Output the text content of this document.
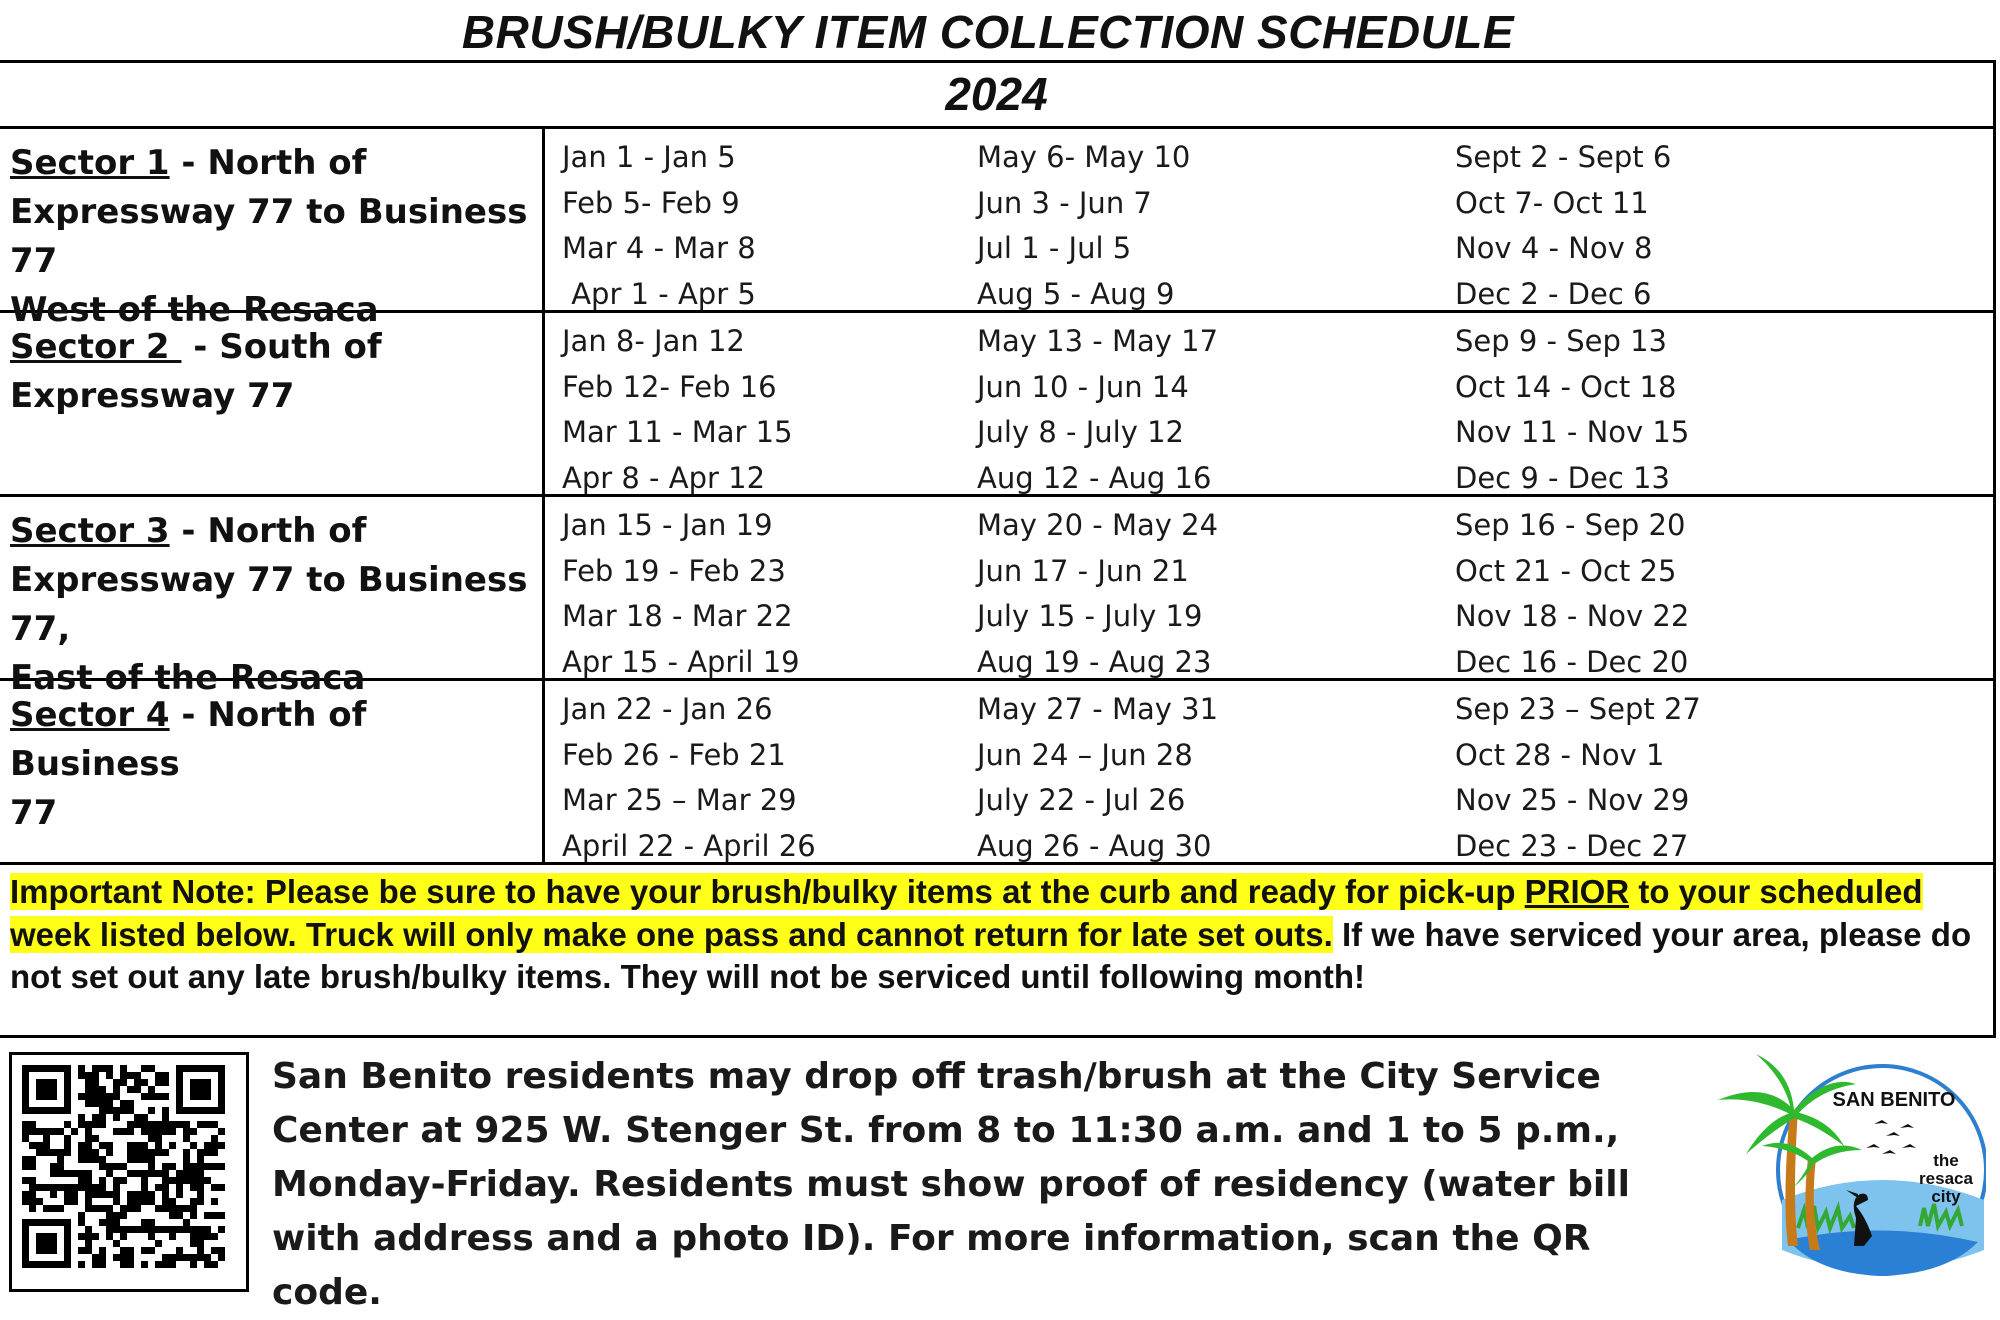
BRUSH/BULKY ITEM COLLECTION SCHEDULE
2024
Sector 1 - North of
Expressway 77 to Business 77
West of the Resaca
Jan 1 - Jan 5
Feb 5- Feb 9
Mar 4 - Mar 8
Apr 1 - Apr 5
May 6- May 10
Jun 3 - Jun 7
Jul 1 - Jul 5
Aug 5 - Aug 9
Sept 2 - Sept 6
Oct 7- Oct 11
Nov 4 - Nov 8
Dec 2 - Dec 6
Sector 2  - South of
Expressway 77
Jan 8- Jan 12
Feb 12- Feb 16
Mar 11 - Mar 15
Apr 8 - Apr 12
May 13 - May 17
Jun 10 - Jun 14
July 8 - July 12
Aug 12 - Aug 16
Sep 9 - Sep 13
Oct 14 - Oct 18
Nov 11 - Nov 15
Dec 9 - Dec 13
Sector 3 - North of
Expressway 77 to Business 77,
East of the Resaca
Jan 15 - Jan 19
Feb 19 - Feb 23
Mar 18 - Mar 22
Apr 15 - April 19
May 20 - May 24
Jun 17 - Jun 21
July 15 - July 19
Aug 19 - Aug 23
Sep 16 - Sep 20
Oct 21 - Oct 25
Nov 18 - Nov 22
Dec 16 - Dec 20
Sector 4 - North of Business
77
Jan 22 - Jan 26
Feb 26 - Feb 21
Mar 25 – Mar 29
April 22 - April 26
May 27 - May 31
Jun 24 – Jun 28
July 22 - Jul 26
Aug 26 - Aug 30
Sep 23 – Sept 27
Oct 28 - Nov 1
Nov 25 - Nov 29
Dec 23 - Dec 27
Important Note: Please be sure to have your brush/bulky items at the curb and ready for pick-up PRIOR to your scheduled week listed below. Truck will only make one pass and cannot return for late set outs. If we have serviced your area, please do not set out any late brush/bulky items. They will not be serviced until following month!
San Benito residents may drop off trash/brush at the City Service Center at 925 W. Stenger St. from 8 to 11:30 a.m. and 1 to 5 p.m., Monday-Friday. Residents must show proof of residency (water bill with address and a photo ID). For more information, scan the QR code.
SAN BENITO
the
resaca
city
